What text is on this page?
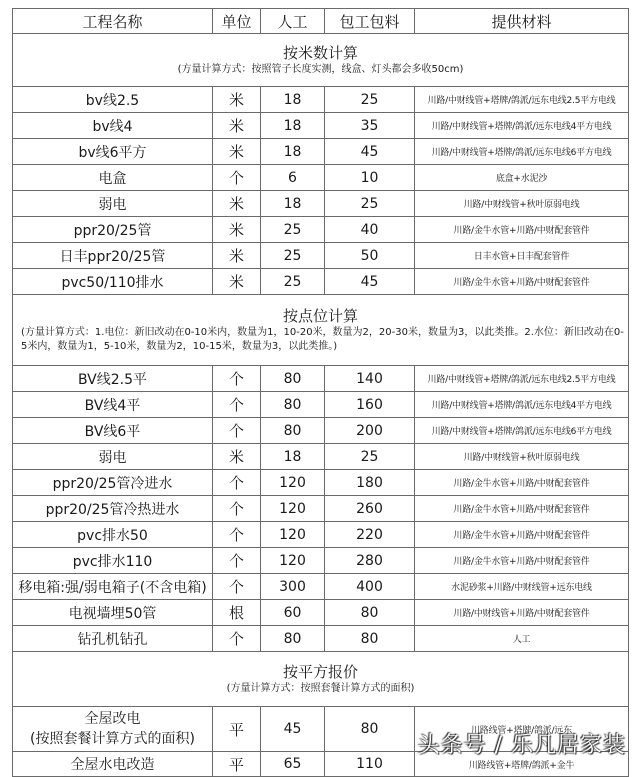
工程名称	单位	人工	包工包料	提供材料

按米数计算
(方量计算方式：按照管子长度实测，线盒、灯头都会多收50cm)				

bv线2.5	米	18	25	川路/中财线管+塔牌/鸽派/远东电线2.5平方电线
bv线4	米	18	35	川路/中财线管+塔牌/鸽派/远东电线4平方电线
bv线6平方	米	18	45	川路/中财线管+塔牌/鸽派/远东电线6平方电线
电盒	个	6	10	底盒+水泥沙
弱电	米	18	25	川路/中财线管+秋叶原弱电线
ppr20/25管	米	25	40	川路/金牛水管+川路/中财配套管件
日丰ppr20/25管	米	25	50	日丰水管+日丰配套管件
pvc50/110排水	米	25	45	川路/金牛水管+川路/中财配套管件

按点位计算
(方量计算方式：1.电位：新旧改动在0-10米内，数量为1，10-20米，数量为2，20-30米，数量为3，以此类推。2.水位：新旧改动在0-5米内，数量为1，5-10米，数量为2，10-15米，数量为3，以此类推。)				

BV线2.5平	个	80	140	川路/中财线管+塔牌/鸽派/远东电线2.5平方电线
BV线4平	个	80	160	川路/中财线管+塔牌/鸽派/远东电线4平方电线
BV线6平	个	80	200	川路/中财线管+塔牌/鸽派/远东电线6平方电线
弱电	米	18	25	川路/中财线管+秋叶原弱电线
ppr20/25管冷进水	个	120	180	川路/金牛水管+川路/中财配套管件
ppr20/25管冷热进水	个	120	260	川路/金牛水管+川路/中财配套管件
pvc排水50	个	120	220	川路/金牛水管+川路/中财配套管件
pvc排水110	个	120	280	川路/金牛水管+川路/中财配套管件
移电箱:强/弱电箱子(不含电箱)	个	300	400	水泥砂浆+川路/中财线管+远东电线
电视墙埋50管	根	60	80	川路/中财线管+川路/中财配套管件
钻孔机钻孔	个	80	80	人工

按平方报价
(方量计算方式：按照套餐计算方式的面积)				

全屋改电
(按照套餐计算方式的面积)	平	45	80	川路线管+塔牌/鸽派/远东
全屋水电改造	平	65	110	川路线管+塔牌/鸽派+金牛
头条号 / 乐凡居家装
